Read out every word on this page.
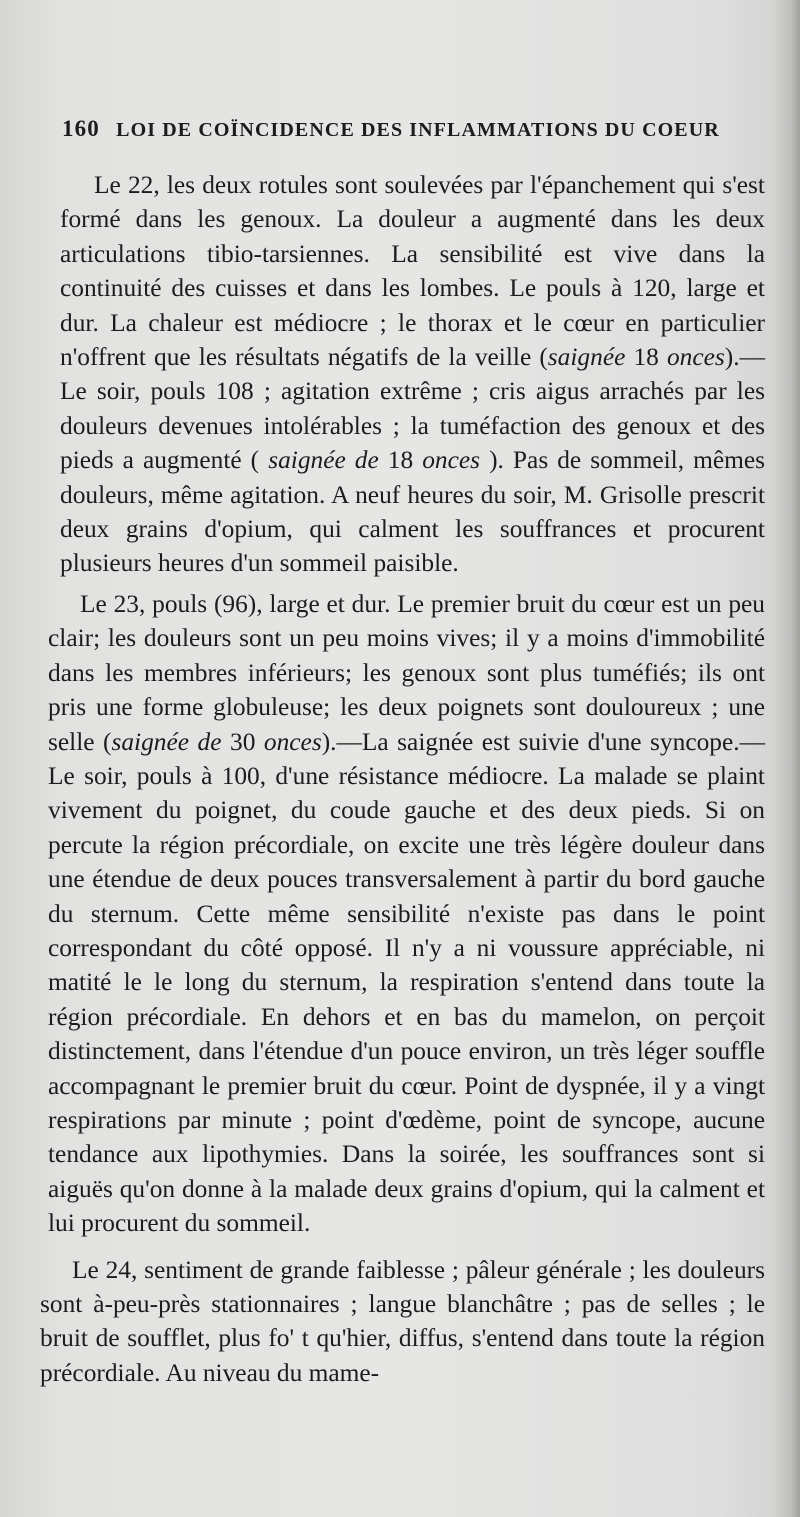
160 LOI DE COÏNCIDENCE DES INFLAMMATIONS DU COEUR

Le 22, les deux rotules sont soulevées par l'épanchement qui s'est formé dans les genoux. La douleur a augmenté dans les deux articulations tibio-tarsiennes. La sensibilité est vive dans la continuité des cuisses et dans les lombes. Le pouls à 120, large et dur. La chaleur est médiocre ; le thorax et le cœur en particulier n'offrent que les résultats négatifs de la veille (saignée 18 onces).— Le soir, pouls 108 ; agitation extrême ; cris aigus arrachés par les douleurs devenues intolérables ; la tuméfaction des genoux et des pieds a augmenté ( saignée de 18 onces ). Pas de sommeil, mêmes douleurs, même agitation. A neuf heures du soir, M. Grisolle prescrit deux grains d'opium, qui calment les souffrances et procurent plusieurs heures d'un sommeil paisible.

Le 23, pouls (96), large et dur. Le premier bruit du cœur est un peu clair; les douleurs sont un peu moins vives; il y a moins d'immobilité dans les membres inférieurs; les genoux sont plus tuméfiés; ils ont pris une forme globuleuse; les deux poignets sont douloureux ; une selle (saignée de 30 onces).—La saignée est suivie d'une syncope.—Le soir, pouls à 100, d'une résistance médiocre. La malade se plaint vivement du poignet, du coude gauche et des deux pieds. Si on percute la région précordiale, on excite une très légère douleur dans une étendue de deux pouces transversalement à partir du bord gauche du sternum. Cette même sensibilité n'existe pas dans le point correspondant du côté opposé. Il n'y a ni voussure appréciable, ni matité le le long du sternum, la respiration s'entend dans toute la région précordiale. En dehors et en bas du mamelon, on perçoit distinctement, dans l'étendue d'un pouce environ, un très léger souffle accompagnant le premier bruit du cœur. Point de dyspnée, il y a vingt respirations par minute ; point d'œdème, point de syncope, aucune tendance aux lipothymies. Dans la soirée, les souffrances sont si aiguës qu'on donne à la malade deux grains d'opium, qui la calment et lui procurent du sommeil.

Le 24, sentiment de grande faiblesse ; pâleur générale ; les douleurs sont à-peu-près stationnaires ; langue blanchâtre ; pas de selles ; le bruit de soufflet, plus fo' t qu'hier, diffus, s'entend dans toute la région précordiale. Au niveau du mame-
